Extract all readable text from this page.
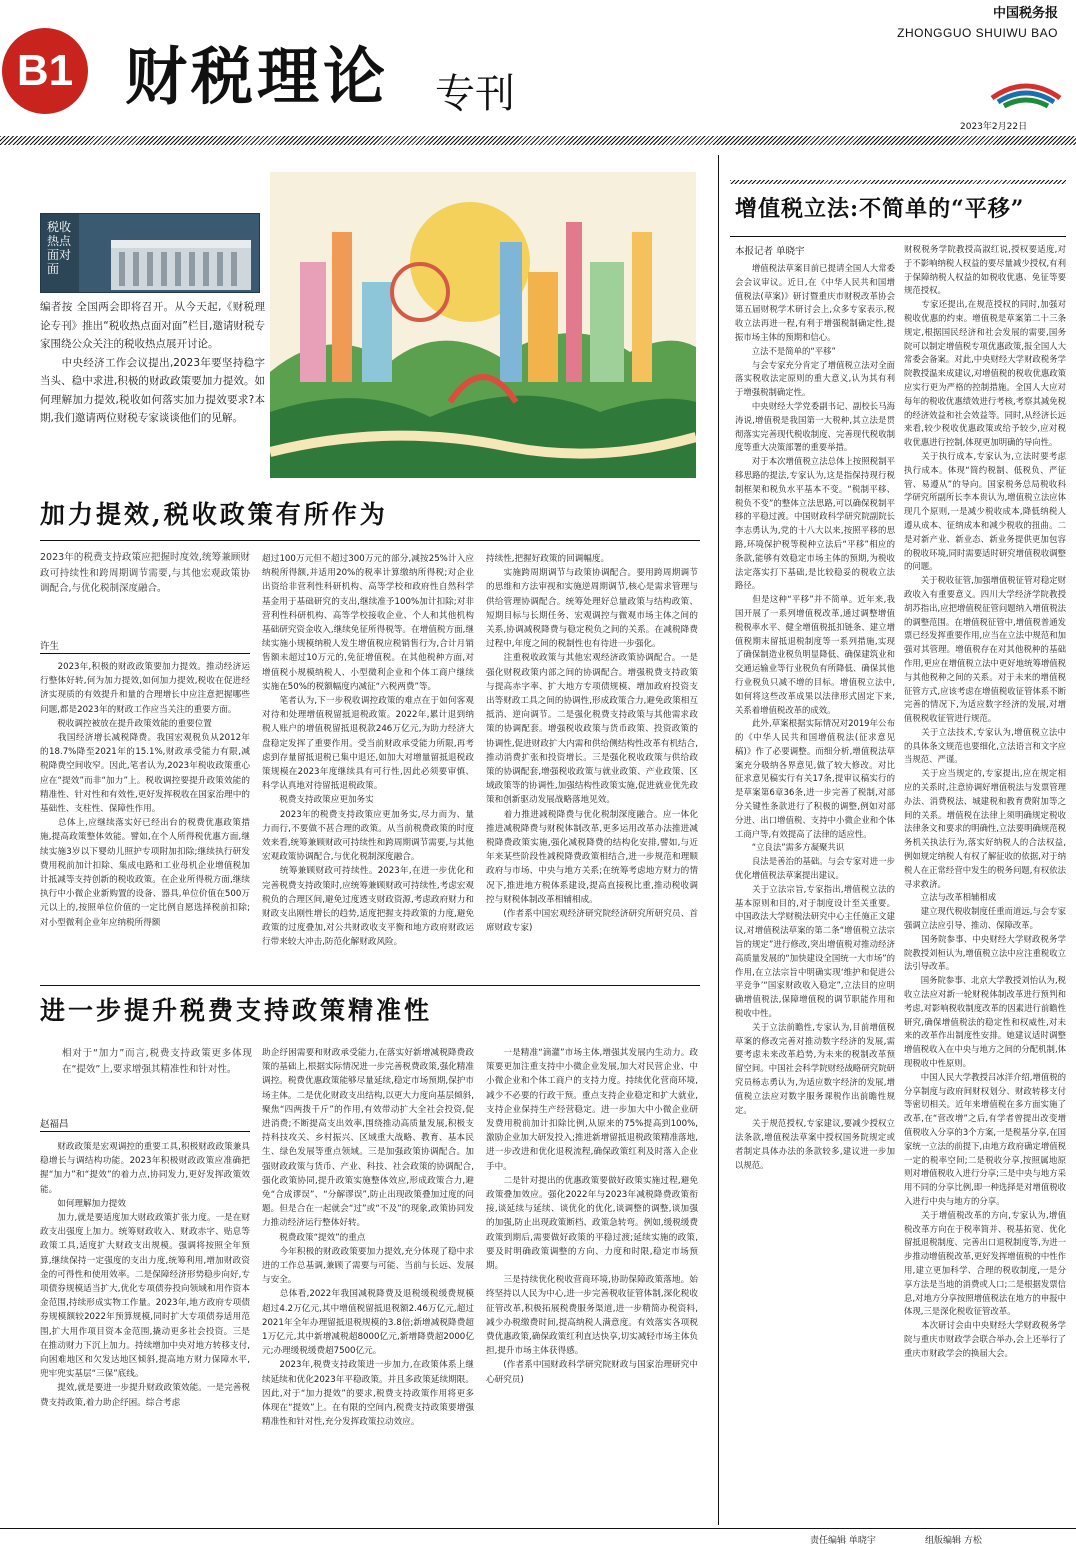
B1 财税理论 专刊
中国税务报
ZHONGGUO SHUIWU BAO
2023年2月22日
税收热点面对面
编者按 全国两会即将召开。从今天起,《财税理论专刊》推出“税收热点面对面”栏目,邀请财税专家围绕公众关注的税收热点展开讨论。
　　中央经济工作会议提出,2023年要坚持稳字当头、稳中求进,积极的财政政策要加力提效。如何理解加力提效,税收如何落实加力提效要求?本期,我们邀请两位财税专家谈谈他们的见解。
加力提效,税收政策有所作为
2023年的税费支持政策应把握时度效,统筹兼顾财政可持续性和跨周期调节需要,与其他宏观政策协调配合,与优化税制深度融合。
许生
　　2023年,积极的财政政策要加力提效。推动经济运行整体好转,何为加力提效,如何加力提效,税收在促进经济实现质的有效提升和量的合理增长中应注意把握哪些问题,都是2023年的财政工作应当关注的重要方面。
　　税收调控被放在提升政策效能的重要位置
　　我国经济增长减税降费。我国宏观税负从2012年的18.7%降至2021年的15.1%,财政承受能力有限,减税降费空间收窄。因此,笔者认为,2023年税收政策重心应在“提效”而非“加力”上。税收调控要提升政策效能的精准性、针对性和有效性,更好发挥税收在国家治理中的基础性、支柱性、保障性作用。
　　总体上,应继续落实好已经出台的税费优惠政策措施,提高政策整体效能。譬如,在个人所得税优惠方面,继续实施3岁以下婴幼儿照护专项附加扣除;继续执行研发费用税前加计扣除、集成电路和工业母机企业增值税加计抵减等支持创新的税收政策。在企业所得税方面,继续执行中小微企业新购置的设备、器具,单位价值在500万元以上的,按照单位价值的一定比例自愿选择税前扣除;对小型微利企业年应纳税所得额
超过100万元但不超过300万元的部分,减按25%计入应纳税所得额,并适用20%的税率计算缴纳所得税;对企业出资给非营利性科研机构、高等学校和政府性自然科学基金用于基础研究的支出,继续准予100%加计扣除;对非营利性科研机构、高等学校接收企业、个人和其他机构基础研究资金收入,继续免征所得税等。在增值税方面,继续实施小规模纳税人发生增值税应税销售行为,合计月销售额未超过10万元的,免征增值税。在其他税种方面,对增值税小规模纳税人、小型微利企业和个体工商户继续实施在50%的税额幅度内减征“六税两费”等。
　　笔者认为,下一步税收调控政策的难点在于如何客观对待和处理增值税留抵退税政策。2022年,累计退到纳税人账户的增值税留抵退税款246万亿元,为助力经济大盘稳定发挥了重要作用。受当前财政承受能力所限,再考虑到存量留抵退税已集中退还,如加大对增量留抵退税政策规模在2023年度继续具有可行性,因此必须要审慎、科学认真地对待留抵退税政策。
　　税费支持政策应更加务实
　　2023年的税费支持政策应更加务实,尽力而为、量力而行,不要做不甚合理的政策。从当前税费政策的时度效来看,统筹兼顾财政可持续性和跨周期调节需要,与其他宏观政策协调配合,与优化税制深度融合。
　　统筹兼顾财政可持续性。2023年,在进一步优化和完善税费支持政策时,应统筹兼顾财政可持续性,考虑宏观税负的合理区间,避免过度透支财政资源,考虑政府财力和财政支出刚性增长的趋势,适度把握支持政策的力度,避免政策的过度叠加,对公共财政收支平衡和地方政府财政运行带来较大冲击,防范化解财政风险。
持续性,把握好政策的回调幅度。
　　实施跨周期调节与政策协调配合。要用跨周期调节的思维和方法审视和实施逆周期调节,核心是需求管理与供给管理协调配合。统筹处理好总量政策与结构政策、短期目标与长期任务、宏观调控与微观市场主体之间的关系,协调减税降费与稳定税负之间的关系。在减税降费过程中,年度之间的税制性也有待进一步强化。
　　注重税收政策与其他宏观经济政策协调配合。一是强化财税政策内部之间的协调配合。增强税费支持政策与提高赤字率、扩大地方专项债规模、增加政府投资支出等财政工具之间的协调性,形成政策合力,避免政策相互抵消、逆向调节。二是强化税费支持政策与其他需求政策的协调配套。增强税收政策与货币政策、投资政策的协调性,促进财政扩大内需和供给侧结构性改革有机结合,推动消费扩张和投资增长。三是强化税收政策与供给政策的协调配套,增强税收政策与就业政策、产业政策、区域政策等的协调性,加强结构性政策实施,促进就业优先政策和创新驱动发展战略落地见效。
　　着力推进减税降费与优化税制深度融合。应一体化推进减税降费与财税体制改革,更多运用改革办法推进减税降费政策实施,强化减税降费的结构化安排,譬如,与近年来某些阶段性减税降费政策相结合,进一步规范和理顺政府与市场、中央与地方关系;在统筹考虑地方财力的情况下,推进地方税体系建设,提高直接税比重,推动税收调控与财税体制改革相辅相成。
　　(作者系中国宏观经济研究院经济研究所研究员、首席财政专家)
进一步提升税费支持政策精准性
相对于“加力”而言,税费支持政策更多体现在“提效”上,要求增强其精准性和针对性。
赵福昌
　　财政政策是宏观调控的重要工具,积极财政政策兼具稳增长与调结构功能。2023年积极财政政策应准确把握“加力”和“提效”的着力点,协同发力,更好发挥政策效能。
　　如何理解加力提效
　　加力,就是要适度加大财政政策扩张力度。一是在财政支出强度上加力。统筹财政收入、财政赤字、贴息等政策工具,适度扩大财政支出规模。强调将按照全年预算,继续保持一定强度的支出力度,统筹利用,增加财政资金的可得性和使用效率。二是保障经济形势稳步向好,专项债券规模适当扩大,优化专项债券投向领域和用作资本金范围,持续形成实物工作量。2023年,地方政府专项债券规模额较2022年预算规模,同时扩大专项债券适用范围,扩大用作项目资本金范围,撬动更多社会投资。三是在推动财力下沉上加力。持续增加中央对地方转移支付,向困难地区和欠发达地区倾斜,提高地方财力保障水平,兜牢兜实基层“三保”底线。
　　提效,就是要进一步提升财政政策效能。一是完善税费支持政策,着力助企纾困。综合考虑
助企纾困需要和财政承受能力,在落实好新增减税降费政策的基础上,根据实际情况进一步完善税费政策,强化精准调控。税费优惠政策能够尽量延续,稳定市场预期,保护市场主体。二是优化财政支出结构,以更大力度向基层倾斜,聚焦“四两拨千斤”的作用,有效带动扩大全社会投资,促进消费;不断提高支出效率,围绕推动高质量发展,积极支持科技攻关、乡村振兴、区域重大战略、教育、基本民生、绿色发展等重点领域。三是加强政策协调配合。加强财政政策与货币、产业、科技、社会政策的协调配合,强化政策协同,提升政策实施整体效应,形成政策合力,避免“合成谬误”、“分解谬误”,防止出现政策叠加过度的问题。但是合在一起就会“过”或“不及”的现象,政策协同发力推动经济运行整体好转。
　　税费政策“提效”的重点
　　今年积极的财政政策要加力提效,充分体现了稳中求进的工作总基调,兼顾了需要与可能、当前与长远、发展与安全。
　　总体看,2022年我国减税降费及退税缓税缓费规模超过4.2万亿元,其中增值税留抵退税额2.46万亿元,超过2021年全年办理留抵退税规模的3.8倍;新增减税降费超1万亿元,其中新增减税超8000亿元,新增降费超2000亿元;办理缓税缓费超7500亿元。
　　2023年,税费支持政策进一步加力,在政策体系上继续延续和优化2023年平稳政策。并且多政策延续期限。因此,对于“加力提效”的要求,税费支持政策作用将更多体现在“提效”上。在有限的空间内,税费支持政策要增强精准性和针对性,充分发挥政策拉动效应。
　　一是精准“滴灌”市场主体,增强其发展内生动力。政策要更加注重支持中小微企业发展,加大对民营企业、中小微企业和个体工商户的支持力度。持续优化营商环境,减少不必要的行政干预。重点支持企业稳定和扩大就业,支持企业保持生产经营稳定。进一步加大中小微企业研发费用税前加计扣除比例,从原来的75%提高到100%,激励企业加大研发投入;推进新增留抵退税政策精准落地,进一步改进和优化退税流程,确保政策红利及时落入企业手中。
　　二是针对提出的优惠政策要做好政策实施过程,避免政策叠加效应。强化2022年与2023年减税降费政策衔接,谈延续与延续、谈优化的优化,谈调整的调整,谈加强的加强,防止出现政策断档、政策急转弯。例如,缓税缓费政策到期后,需要做好政策的平稳过渡;延续实施的政策,要及时明确政策调整的方向、力度和时限,稳定市场预期。
　　三是持续优化税收营商环境,协助保障政策落地。始终坚持以人民为中心,进一步完善税收征管体制,深化税收征管改革,积极拓展税费服务渠道,进一步精简办税资料,减少办税缴费时间,提高纳税人满意度。有效落实各项税费优惠政策,确保政策红利直达快享,切实减轻市场主体负担,提升市场主体获得感。
　　(作者系中国财政科学研究院财政与国家治理研究中心研究员)
增值税立法:不简单的“平移”
本报记者 单晓宇
　　增值税法草案目前已提请全国人大常委会会议审议。近日,在《中华人民共和国增值税法(草案)》研讨暨重庆市财税改革协会第五届财税学术研讨会上,众多专家表示,税收立法再进一程,有利于增强税制确定性,提振市场主体的预期和信心。
　　立法不是简单的“平移”
　　与会专家充分肯定了增值税立法对全面落实税收法定原则的重大意义,认为其有利于增强税制确定性。
　　中央财经大学党委副书记、副校长马海涛说,增值税是我国第一大税种,其立法是贯彻落实完善现代税收制度、完善现代税收制度等重大决策部署的重要举措。
　　对于本次增值税立法总体上按照税制平移思路的提法,专家认为,这是指保持现行税制框架和税负水平基本不变。“税制平移、税负不变”的整体立法思路,可以确保税制平移的平稳过渡。中国财政科学研究院副院长李志勇认为,党的十八大以来,按照平移的思路,环境保护税等税种立法后“平移”相应的条款,能够有效稳定市场主体的预期,为税收法定落实打下基础,是比较稳妥的税收立法路径。
　　但是这种“平移”并不简单。近年来,我国开展了一系列增值税改革,通过调整增值税税率水平、健全增值税抵扣链条、建立增值税期末留抵退税制度等一系列措施,实现了确保制造业税负明显降低、确保建筑业和交通运输业等行业税负有所降低、确保其他行业税负只减不增的目标。增值税立法中,如何将这些改革成果以法律形式固定下来,关系着增值税改革的成效。
　　此外,草案根据实际情况对2019年公布的《中华人民共和国增值税法(征求意见稿)》作了必要调整。而细分析,增值税法草案充分吸纳各界意见,做了较大修改。对比征求意见稿实行有关17条,提审议稿实行的是草案第6章36条,进一步完善了税制,对部分关键性条款进行了积极的调整,例如对部分进、出口增值税、支持中小微企业和个体工商户等,有效提高了法律的适应性。
　　“立良法”需多方凝聚共识
　　良法是善治的基础。与会专家对进一步优化增值税法草案提出建议。
　　关于立法宗旨,专家指出,增值税立法的基本原则和目的,对于制度设计至关重要。中国政法大学财税法研究中心主任施正文建议,对增值税法草案的第二条“增值税立法宗旨的规定”进行修改,突出增值税对推动经济高质量发展的“加快建设全国统一大市场”的作用,在立法宗旨中明确实现‘维护和促进公平竞争’“国家财政收入稳定”,立法目的应明确增值税法,保障增值税的调节职能作用和税收中性。
　　关于立法前瞻性,专家认为,目前增值税草案的修改完善对推动数字经济的发展,需要考虑未来改革趋势,为未来的税制改革预留空间。中国社会科学院财经战略研究院研究员杨志勇认为,为适应数字经济的发展,增值税立法应对数字服务课税作出前瞻性规定。
　　关于规范授权,专家建议,要减少授权立法条款,增值税法草案中授权国务院规定或者制定具体办法的条款较多,建议进一步加以规范。
财税税务学院教授高淑红说,授权要适度,对于不影响纳税人权益的要尽量减少授权,有利于保障纳税人权益的如税收优惠、免征等要规范授权。
　　专家还提出,在规范授权的同时,加强对税收优惠的约束。增值税是草案第二十三条规定,根据国民经济和社会发展的需要,国务院可以制定增值税专项优惠政策,报全国人大常委会备案。对此,中央财经大学财政税务学院教授温来成建议,对增值税的税收优惠政策应实行更为严格的控制措施。全国人大应对每年的税收优惠绩效进行考核,考察其减免税的经济效益和社会效益等。同时,从经济长远来看,较少税收优惠政策或给予较少,应对税收优惠进行控制,体现更加明确的导向性。
　　关于执行成本,专家认为,立法时要考虑执行成本。体现“简约税制、低税负、严征管、易遵从”的导向。国家税务总局税收科学研究所副所长李本贵认为,增值税立法应体现几个原则,一是减少税收成本,降低纳税人遵从成本、征纳成本和减少税收的扭曲。二是对新产业、新业态、新业务提供更加包容的税收环境,同时需要适时研究增值税收调整的问题。
　　关于税收征管,加强增值税征管对稳定财政收入有重要意义。四川大学经济学院教授胡苏指出,应把增值税征管问题纳入增值税法的调整范围。在增值税征管中,增值税普通发票已经发挥重要作用,应当在立法中规范和加强对其管理。增值税存在对其他税种的基础作用,更应在增值税立法中更好地统筹增值税与其他税种之间的关系。对于未来的增值税征管方式,应该考虑在增值税收征管体系不断完善的情况下,为适应数字经济的发展,对增值税税收征管进行规范。
　　关于立法技术,专家认为,增值税立法中的具体条文规范也要细化,立法语言和文字应当规范、严谨。
　　关于应当规定的,专家提出,应在规定相应的关系时,注意协调好增值税法与发票管理办法、消费税法、城建税和教育费附加等之间的关系。增值税在法律上须明确规定税收法律条文和要求的明确性,立法要明确规范税务机关执法行为,落实好纳税人的合法权益,例如规定纳税人有权了解征收的依据,对于纳税人在正常经营中发生的税务问题,有权依法寻求救济。
　　立法与改革相辅相成
　　建立现代税收制度任重而道远,与会专家强调立法应引导、推动、保障改革。
　　国务院参事、中央财经大学财政税务学院教授刘桓认为,增值税立法中应注重税收立法引导改革。
　　国务院参事、北京大学教授刘怡认为,税收立法应对新一轮财税体制改革进行预判和考虑,对影响税收制度改革的因素进行前瞻性研究,确保增值税法的稳定性和权威性,对未来的改革作出制度性安排。她建议适时调整增值税收入在中央与地方之间的分配机制,体现税收中性原则。
　　中国人民大学教授吕冰洋介绍,增值税的分享制度与政府间财权划分、财政转移支付等密切相关。近年来增值税在多方面实施了改革,在“营改增”之后,有学者曾提出改变增值税收入分享的3个方案,一是税基分享,在国家统一立法的前提下,由地方政府确定增值税一定的税率空间;二是税收分享,按照属地原则对增值税收入进行分享;三是中央与地方采用不同的分享比例,即一种选择是对增值税收入进行中央与地方的分享。
　　关于增值税改革的方向,专家认为,增值税改革方向在于税率简并、税基拓宽、优化留抵退税制度、完善出口退税制度等,为进一步推动增值税改革,更好发挥增值税的中性作用,建立更加科学、合理的税收制度,一是分享方法是当地的消费或人口;二是根据发票信息,对地方分享按照增值税法在地方的申报中体现,三是深化税收征管改革。
　　本次研讨会由中央财经大学财政税务学院与重庆市财政学会联合举办,会上还举行了重庆市财政学会的换届大会。
责任编辑 单晓宇	组版编辑 方松
